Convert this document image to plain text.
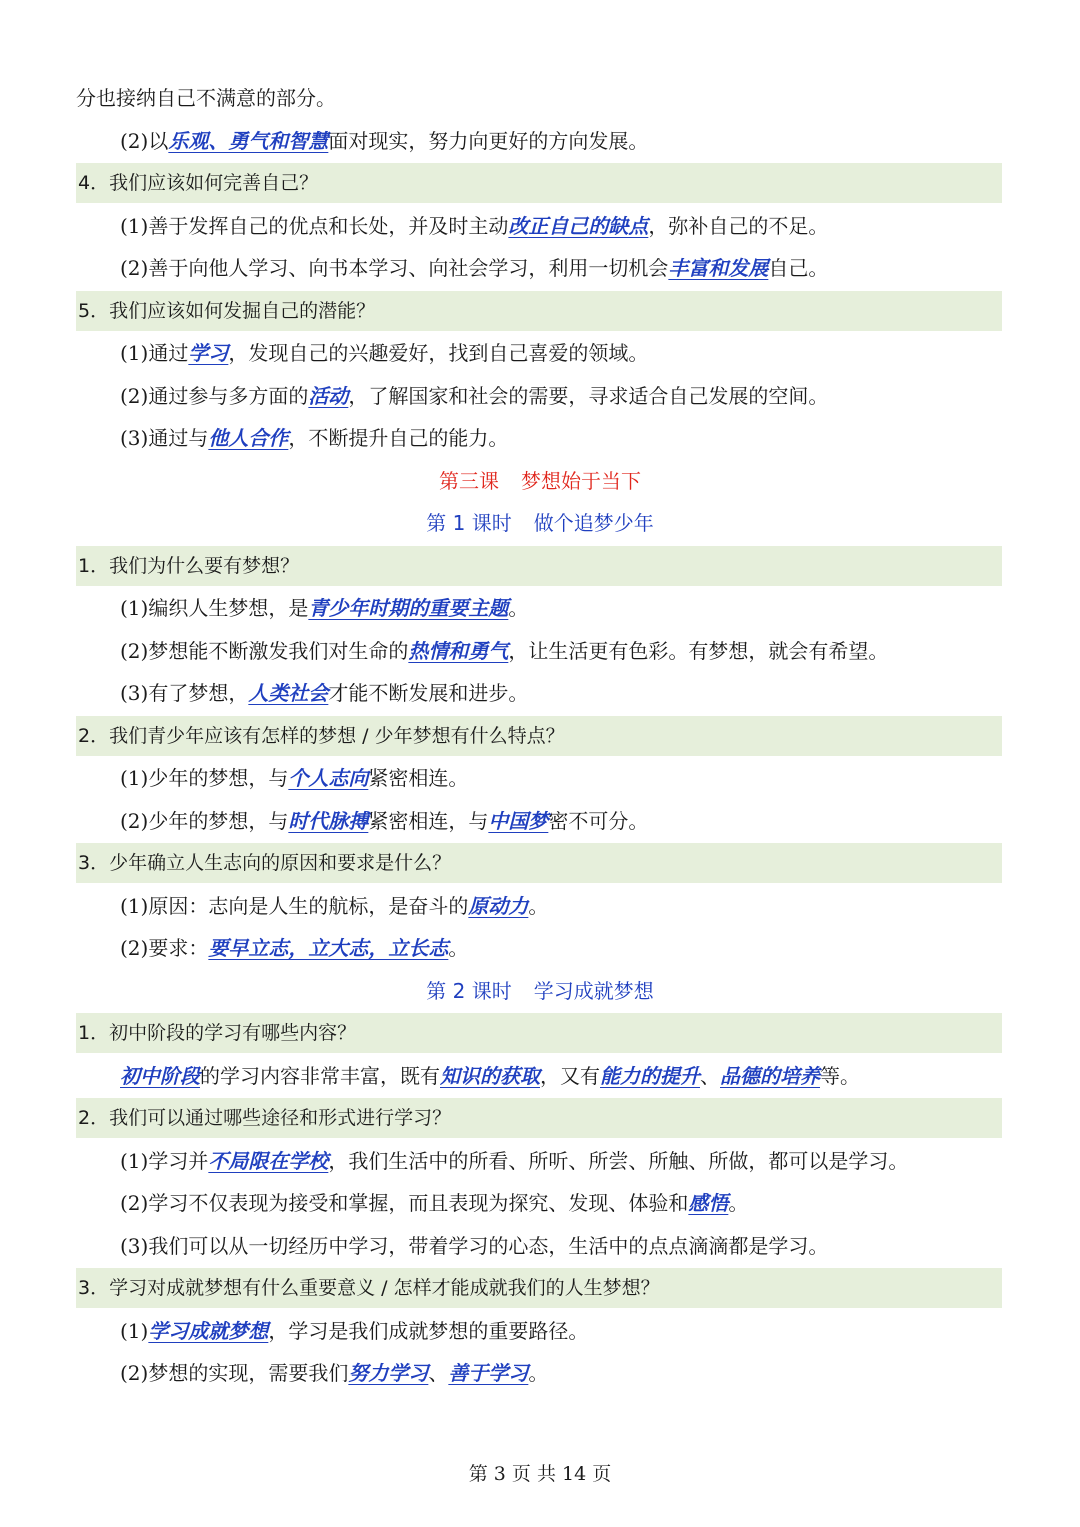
分也接纳自己不满意的部分。
(2)以乐观、勇气和智慧面对现实，努力向更好的方向发展。
4．我们应该如何完善自己？
(1)善于发挥自己的优点和长处，并及时主动改正自己的缺点，弥补自己的不足。
(2)善于向他人学习、向书本学习、向社会学习，利用一切机会丰富和发展自己。
5．我们应该如何发掘自己的潜能？
(1)通过学习，发现自己的兴趣爱好，找到自己喜爱的领域。
(2)通过参与多方面的活动，了解国家和社会的需要，寻求适合自己发展的空间。
(3)通过与他人合作，不断提升自己的能力。
第三课 梦想始于当下
第 1 课时 做个追梦少年
1．我们为什么要有梦想？
(1)编织人生梦想，是青少年时期的重要主题。
(2)梦想能不断激发我们对生命的热情和勇气，让生活更有色彩。有梦想，就会有希望。
(3)有了梦想，人类社会才能不断发展和进步。
2．我们青少年应该有怎样的梦想 / 少年梦想有什么特点？
(1)少年的梦想，与个人志向紧密相连。
(2)少年的梦想，与时代脉搏紧密相连，与中国梦密不可分。
3．少年确立人生志向的原因和要求是什么？
(1)原因：志向是人生的航标，是奋斗的原动力。
(2)要求：要早立志，立大志，立长志。
第 2 课时 学习成就梦想
1．初中阶段的学习有哪些内容？
初中阶段的学习内容非常丰富，既有知识的获取，又有能力的提升、品德的培养等。
2．我们可以通过哪些途径和形式进行学习？
(1)学习并不局限在学校，我们生活中的所看、所听、所尝、所触、所做，都可以是学习。
(2)学习不仅表现为接受和掌握，而且表现为探究、发现、体验和感悟。
(3)我们可以从一切经历中学习，带着学习的心态，生活中的点点滴滴都是学习。
3．学习对成就梦想有什么重要意义 / 怎样才能成就我们的人生梦想？
(1)学习成就梦想，学习是我们成就梦想的重要路径。
(2)梦想的实现，需要我们努力学习、善于学习。
第 3 页 共 14 页
